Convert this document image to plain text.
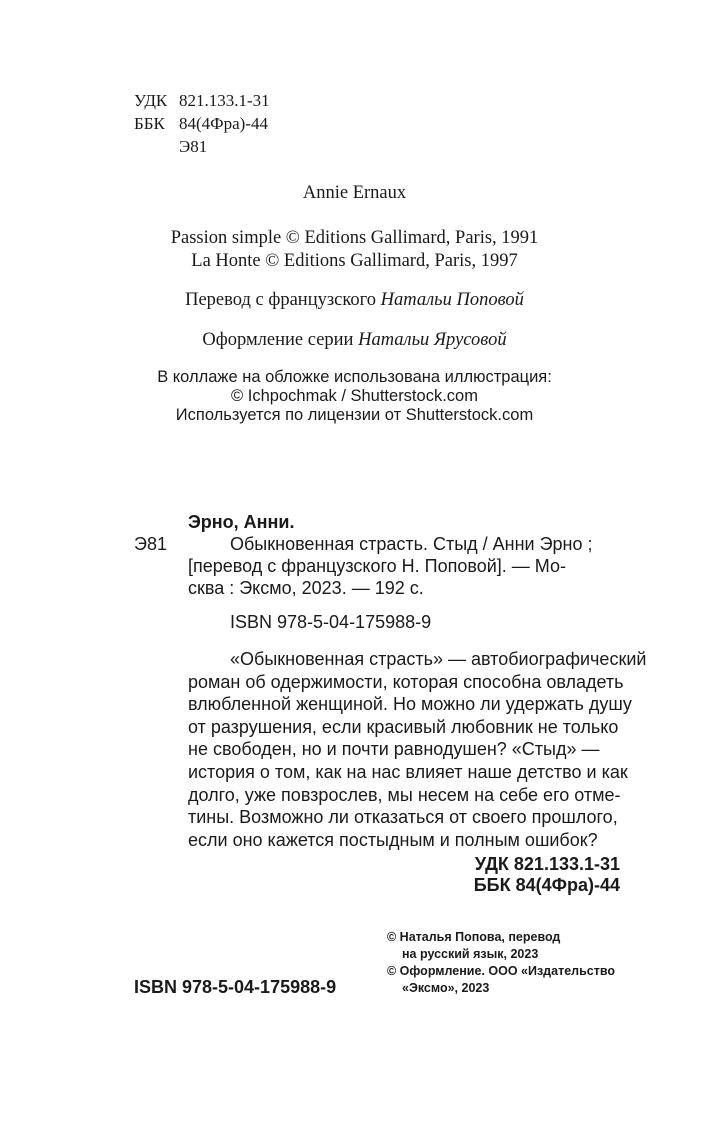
УДК 821.133.1-31
ББК 84(4Фра)-44
Э81
Annie Ernaux
Passion simple © Editions Gallimard, Paris, 1991
La Honte © Editions Gallimard, Paris, 1997
Перевод с французского Натальи Поповой
Оформление серии Натальи Ярусовой
В коллаже на обложке использована иллюстрация:
© Ichpochmak / Shutterstock.com
Используется по лицензии от Shutterstock.com
Эрно, Анни.
Э81	Обыкновенная страсть. Стыд / Анни Эрно ;
[перевод с французского Н. Поповой]. — Мо-
сква : Эксмо, 2023. — 192 с.
ISBN 978-5-04-175988-9
«Обыкновенная страсть» — автобиографический
роман об одержимости, которая способна овладеть
влюбленной женщиной. Но можно ли удержать душу
от разрушения, если красивый любовник не только
не свободен, но и почти равнодушен? «Стыд» —
история о том, как на нас влияет наше детство и как
долго, уже повзрослев, мы несем на себе его отме-
тины. Возможно ли отказаться от своего прошлого,
если оно кажется постыдным и полным ошибок?
УДК 821.133.1-31
ББК 84(4Фра)-44
ISBN 978-5-04-175988-9
© Наталья Попова, перевод
на русский язык, 2023
© Оформление. ООО «Издательство
«Эксмо», 2023
